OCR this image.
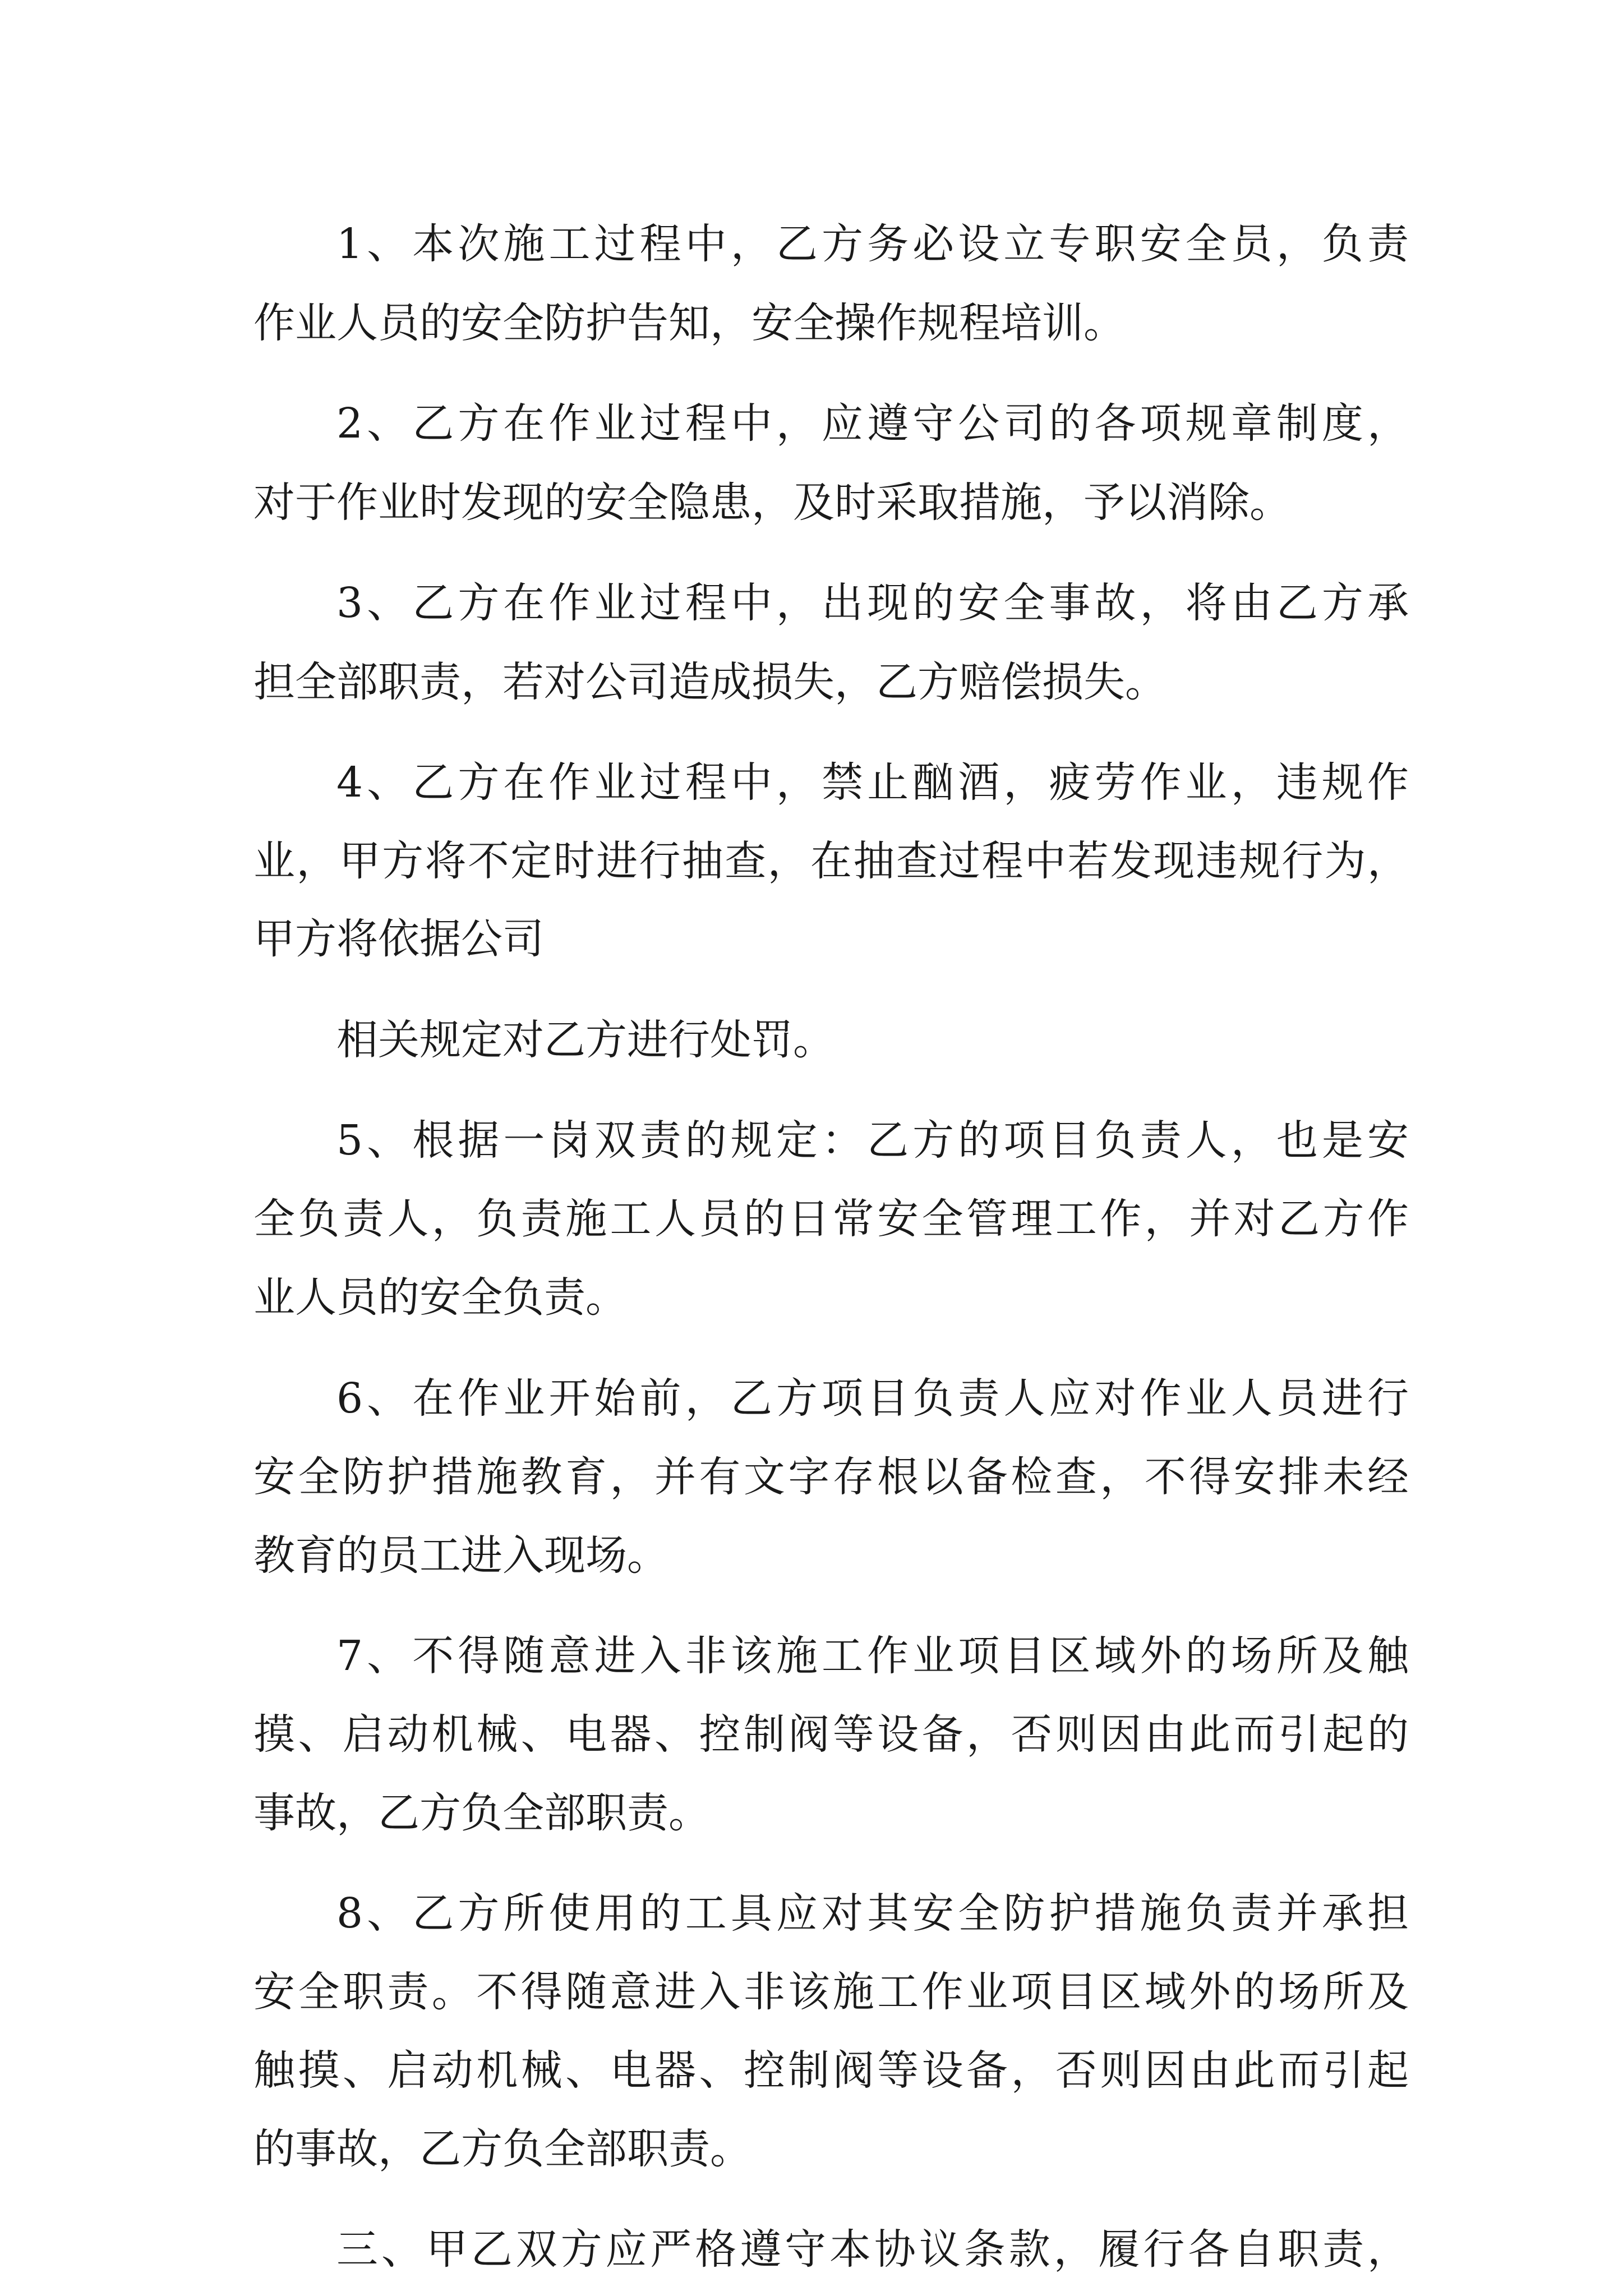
1、本次施工过程中，乙方务必设立专职安全员，负责

作业人员的安全防护告知，安全操作规程培训。

2、乙方在作业过程中，应遵守公司的各项规章制度，

对于作业时发现的安全隐患，及时采取措施，予以消除。

3、乙方在作业过程中，出现的安全事故，将由乙方承

担全部职责，若对公司造成损失，乙方赔偿损失。

4、乙方在作业过程中，禁止酗酒，疲劳作业，违规作

业，甲方将不定时进行抽查，在抽查过程中若发现违规行为，

甲方将依据公司

相关规定对乙方进行处罚。

5、根据一岗双责的规定：乙方的项目负责人，也是安

全负责人，负责施工人员的日常安全管理工作，并对乙方作

业人员的安全负责。

6、在作业开始前，乙方项目负责人应对作业人员进行

安全防护措施教育，并有文字存根以备检查，不得安排未经

教育的员工进入现场。

7、不得随意进入非该施工作业项目区域外的场所及触

摸、启动机械、电器、控制阀等设备，否则因由此而引起的

事故，乙方负全部职责。

8、乙方所使用的工具应对其安全防护措施负责并承担

安全职责。不得随意进入非该施工作业项目区域外的场所及

触摸、启动机械、电器、控制阀等设备，否则因由此而引起

的事故，乙方负全部职责。

三、甲乙双方应严格遵守本协议条款，履行各自职责，
